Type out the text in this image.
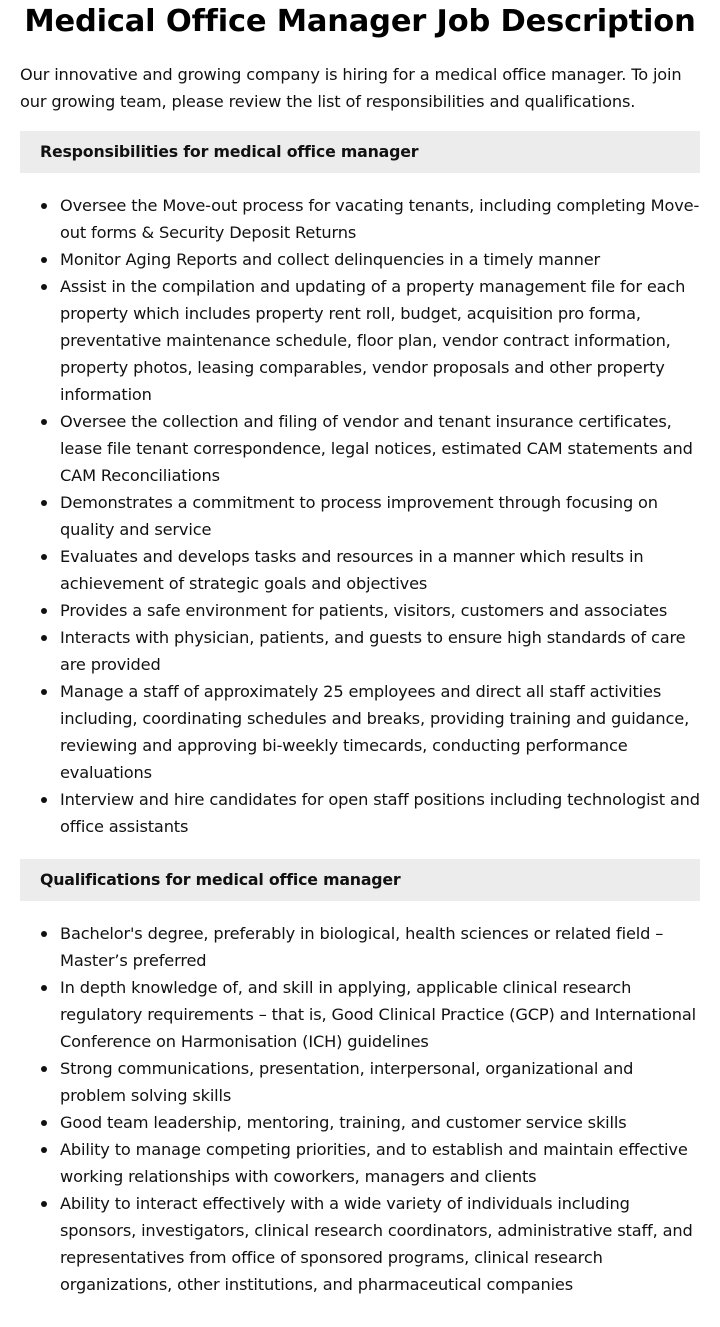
Medical Office Manager Job Description

Our innovative and growing company is hiring for a medical office manager. To join our growing team, please review the list of responsibilities and qualifications.

Responsibilities for medical office manager
Oversee the Move-out process for vacating tenants, including completing Move-out forms & Security Deposit Returns
Monitor Aging Reports and collect delinquencies in a timely manner
Assist in the compilation and updating of a property management file for each property which includes property rent roll, budget, acquisition pro forma, preventative maintenance schedule, floor plan, vendor contract information, property photos, leasing comparables, vendor proposals and other property information
Oversee the collection and filing of vendor and tenant insurance certificates, lease file tenant correspondence, legal notices, estimated CAM statements and CAM Reconciliations
Demonstrates a commitment to process improvement through focusing on quality and service
Evaluates and develops tasks and resources in a manner which results in achievement of strategic goals and objectives
Provides a safe environment for patients, visitors, customers and associates
Interacts with physician, patients, and guests to ensure high standards of care are provided
Manage a staff of approximately 25 employees and direct all staff activities including, coordinating schedules and breaks, providing training and guidance, reviewing and approving bi-weekly timecards, conducting performance evaluations
Interview and hire candidates for open staff positions including technologist and office assistants
Qualifications for medical office manager
Bachelor's degree, preferably in biological, health sciences or related field – Master’s preferred
In depth knowledge of, and skill in applying, applicable clinical research regulatory requirements – that is, Good Clinical Practice (GCP) and International Conference on Harmonisation (ICH) guidelines
Strong communications, presentation, interpersonal, organizational and problem solving skills
Good team leadership, mentoring, training, and customer service skills
Ability to manage competing priorities, and to establish and maintain effective working relationships with coworkers, managers and clients
Ability to interact effectively with a wide variety of individuals including sponsors, investigators, clinical research coordinators, administrative staff, and representatives from office of sponsored programs, clinical research organizations, other institutions, and pharmaceutical companies
